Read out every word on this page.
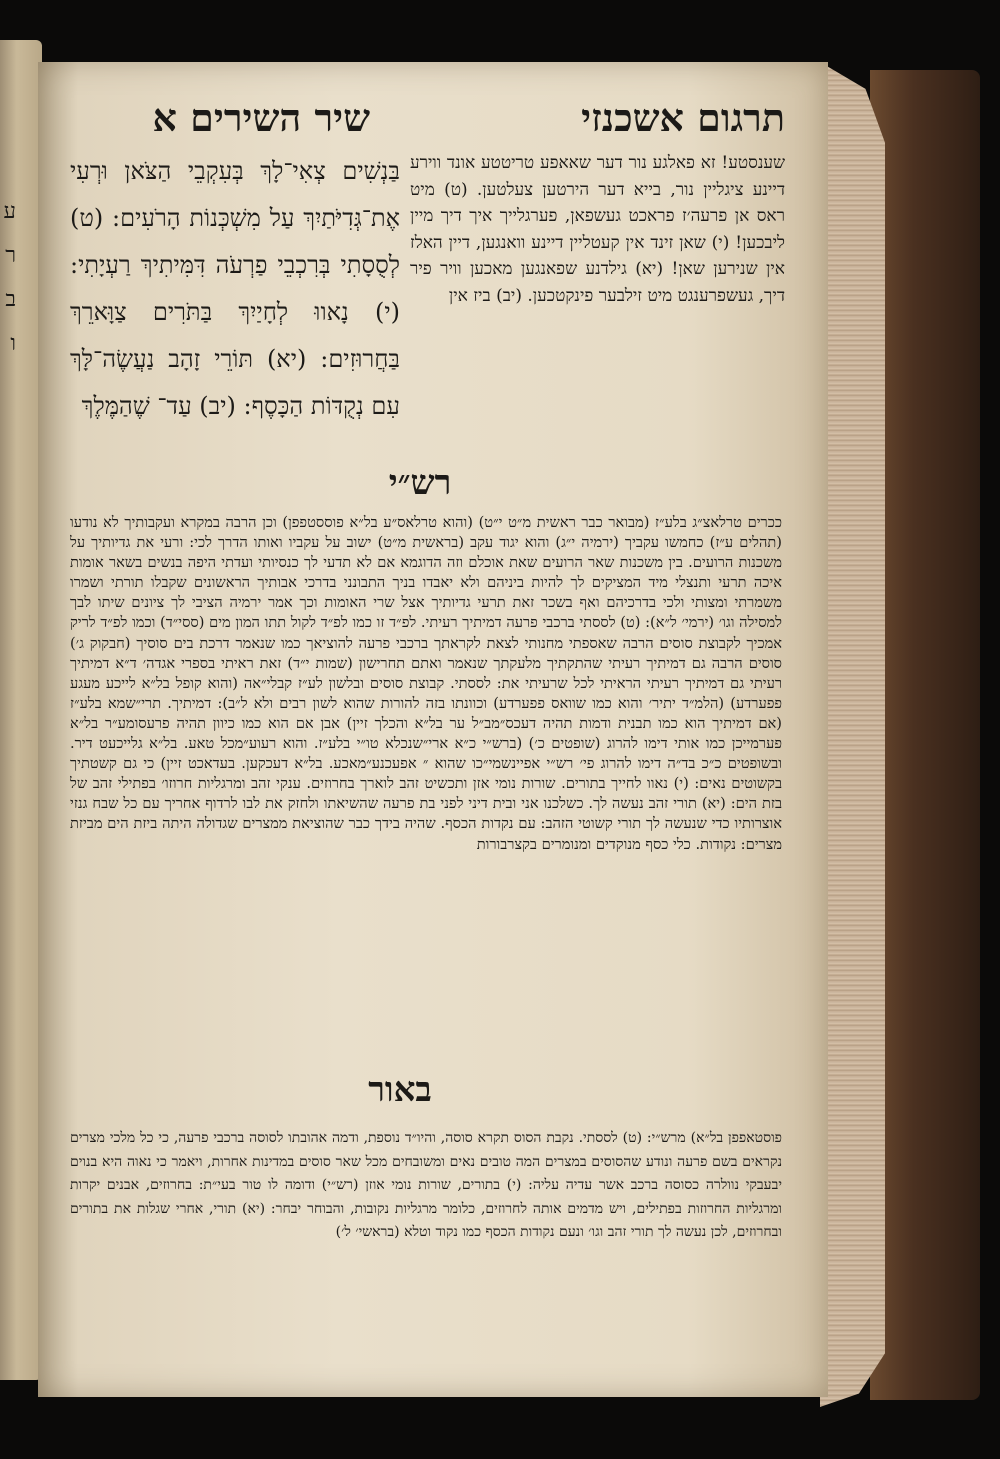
ע ר ב ו
תרגום אשכנזי
שיר השירים א

בַּנְשִׁים צְאִי־לָךְ בְּעִקְבֵי הַצֹּאן וּרְעִי אֶת־גְּדִיֹּתַיִךְ עַל מִשְׁכְּנוֹת הָרֹעִים: (ט) לְסֻסָתִי בְּרִכְבֵי פַרְעֹה דִּמִּיתִיךְ רַעְיָתִי: (י) נָאווּ לְחָיַיִךְ בַּתֹּרִים צַוָּארֵךְ בַּחֲרוּזִים: (יא) תּוֹרֵי זָהָב נַעֲשֶׂה־לָּךְ עִם נְקֻדּוֹת הַכָּסֶף: (יב) עַד־ שֶׁהַמֶּלֶךְ

שענסטע! זא פאלגע נור דער שאאפע טריטטע אונד ווירע דיינע ציגליין נור, בייא דער הירטען צעלטען. (ט) מיט ראס אן פרעה׳ז פראכט געשפאן, פערגלייך איך דיך מיין ליבכען! (י) שאן זינד אין קעטליין דיינע וואנגען, דיין האלז אין שנירען שאן! (יא) גילדנע שפאנגען מאכען וויר פיר דיך, געשפרענגט מיט זילבער פינקטכען. (יב) ביז אין

רש״י

ככרים טרלאצ״ג בלע״ז (מבואר כבר ראשית מ״ט י״ט) (והוא טרלאס״ע בל״א פוססטפפן) וכן הרבה במקרא ועקבותיך לא נודעו (תהלים ע״ז) כחמשו עקביך (ירמיה י״ג) והוא יגוד עקב (בראשית מ״ט) ישוב על עקביו ואותו הדרך לכי: ורעי את גדיותיך על משכנות הרועים. בין משכנות שאר הרועים שאת אוכלם וזה הדוגמא אם לא תדעי לך כנסיותי ועדתי היפה בנשים בשאר אומות איכה תרעי ותנצלי מיד המציקים לך להיות ביניהם ולא יאבדו בניך התבונני בדרכי אבותיך הראשונים שקבלו תורתי ושמרו משמרתי ומצותי ולכי בדרכיהם ואף בשכר זאת תרעי גדיותיך אצל שרי האומות וכך אמר ירמיה הציבי לך ציונים שיתו לבך למסילה וגו׳ (ירמי׳ ל״א): (ט) לססתי ברכבי פרעה דמיתיך רעיתי. לפ״ד זו כמו לפ״ד לקול תתו המון מים (ססי״ד) וכמו לפ״ד לריק אמכיך לקבוצת סוסים הרבה שאספתי מחנותי לצאת לקראתך ברכבי פרעה להוציאך כמו שנאמר דרכת בים סוסיך (חבקוק ג׳) סוסים הרבה גם דמיתיך רעיתי שהתקתיך מלעקתך שנאמר ואתם תחרישון (שמות י״ד) זאת ראיתי בספרי אגדה׳ ד״א דמיתיך רעיתי גם דמיתיך רעיתי הראיתי לכל שרעיתי את: לססתי. קבוצת סוסים ובלשון לע״ז קבלי״אה (והוא קופל בל״א לייכע מעגע פפערדע) (הלמ״ד יתיר׳ והוא כמו שוואס פפערדע) וכוונתו בזה להורות שהוא לשון רבים ולא ל״ב): דמיתיך. תרי״שמא בלע״ז (אם דמיתיך הוא כמו תבנית ודמות תהיה דעכס״מב״ל ער בל״א והכלך זיין) אבן אם הוא כמו כיוון תהיה פרעסומע״ר בל״א פערמייכן כמו אותי דימו להרוג (שופטים כ׳) (ברש״י כ״א ארי״שנכלא טו״י בלע״ז. והוא רעוע״מכל טאע. בל״א גלייכעט דיר. ובשופטים כ״כ בד״ה דימו להרוג פי׳ רש״י אפיינשמי״כו שהוא ״ אפעכנע״מאכע. בל״א דעכקען. בעדאכט זיין) כי גם קשטתיך בקשוטים נאים: (י) נאוו לחייך בתורים. שורות נומי אזן ותכשיט זהב לוארך בחרוזים. ענקי זהב ומרגליות חרוזו׳ בפתילי זהב של בזת הים: (יא) תורי זהב נעשה לך. כשלכנו אני ובית דיני לפני בת פרעה שהשיאתו ולחזק את לבו לרדוף אחריך עם כל שבח גנזי אוצרותיו כדי שנעשה לך תורי קשוטי הזהב: עם נקדות הכסף. שהיה בידך כבר שהוציאת ממצרים שגדולה היתה ביזת הים מביזת מצרים: נקודות. כלי כסף מנוקדים ומנומרים בקצרבורות

באור

פוסטאפפן בל״א) מרש״י: (ט) לססתי. נקבת הסוס תקרא סוסה, והיו״ד נוספת, ודמה אהובתו לסוסה ברכבי פרעה, כי כל מלכי מצרים נקראים בשם פרעה ונודע שהסוסים במצרים המה טובים נאים ומשובחים מכל שאר סוסים במדינות אחרות, ויאמר כי נאוה היא בנוים יבעבקי נוולרה כסוסה ברכב אשר עדיה עליה: (י) בתורים, שורות נומי אוזן (רש״י) ודומה לו טור בעי״ת: בחרוזים, אבנים יקרות ומרגליות החרוזות בפתילים, ויש מדמים אותה לחרוזים, כלומר מרגליות נקובות, והבוחר יבחר: (יא) תורי, אחרי שגלות את בתורים ובחרוזים, לכן נעשה לך תורי זהב וגו׳ ונעם נקודות הכסף כמו נקוד וטלא (בראשי׳ ל׳)
